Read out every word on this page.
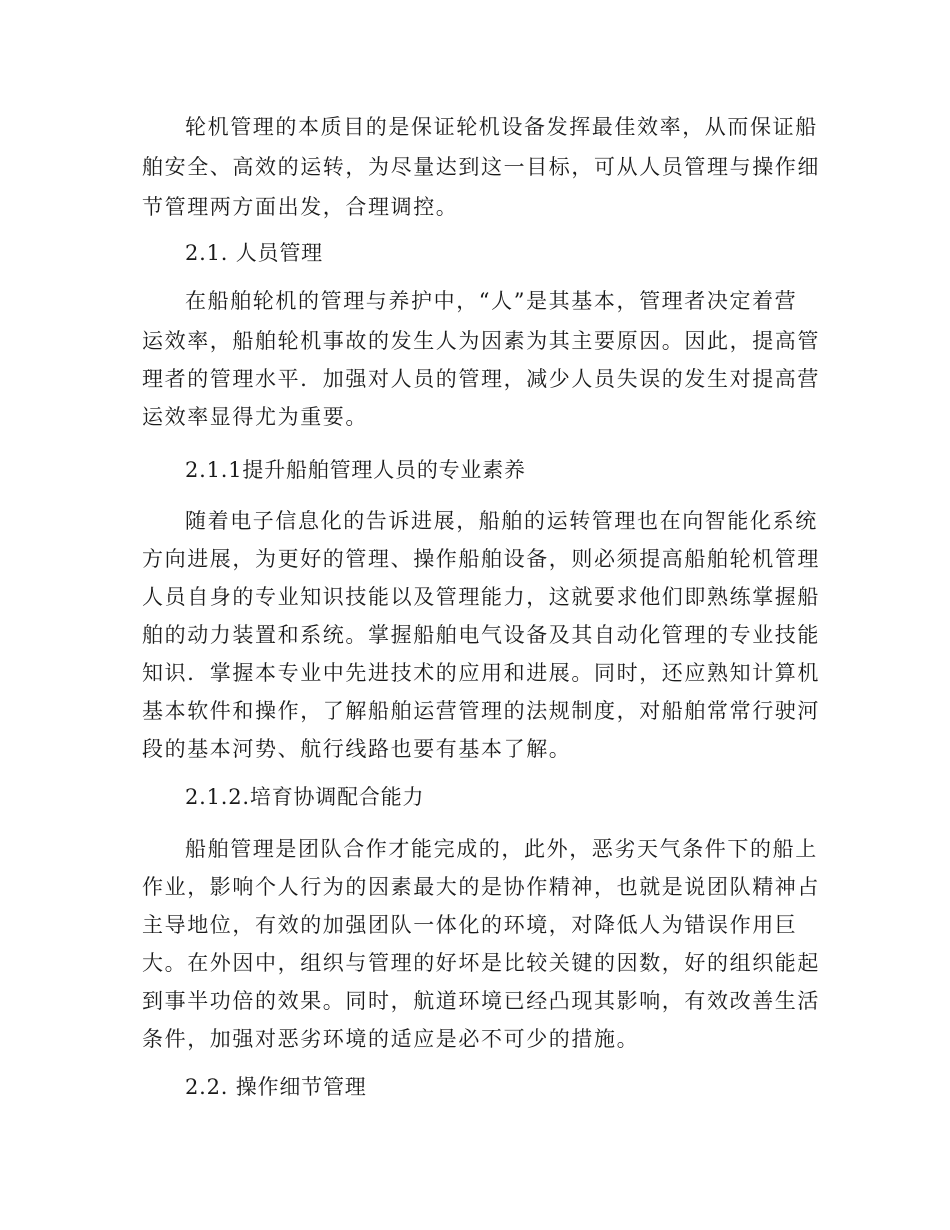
轮机管理的本质目的是保证轮机设备发挥最佳效率，从而保证船
舶安全、高效的运转，为尽量达到这一目标，可从人员管理与操作细
节管理两方面出发，合理调控。
2.1. 人员管理
在船舶轮机的管理与养护中，“人”是其基本，管理者决定着营
运效率，船舶轮机事故的发生人为因素为其主要原因。因此，提高管
理者的管理水平．加强对人员的管理，减少人员失误的发生对提高营
运效率显得尤为重要。
2.1.1提升船舶管理人员的专业素养
随着电子信息化的告诉进展，船舶的运转管理也在向智能化系统
方向进展，为更好的管理、操作船舶设备，则必须提高船舶轮机管理
人员自身的专业知识技能以及管理能力，这就要求他们即熟练掌握船
舶的动力装置和系统。掌握船舶电气设备及其自动化管理的专业技能
知识．掌握本专业中先进技术的应用和进展。同时，还应熟知计算机
基本软件和操作，了解船舶运营管理的法规制度，对船舶常常行驶河
段的基本河势、航行线路也要有基本了解。
2.1.2.培育协调配合能力
船舶管理是团队合作才能完成的，此外，恶劣天气条件下的船上
作业，影响个人行为的因素最大的是协作精神，也就是说团队精神占
主导地位，有效的加强团队一体化的环境，对降低人为错误作用巨
大。在外因中，组织与管理的好坏是比较关键的因数，好的组织能起
到事半功倍的效果。同时，航道环境已经凸现其影响，有效改善生活
条件，加强对恶劣环境的适应是必不可少的措施。
2.2. 操作细节管理
